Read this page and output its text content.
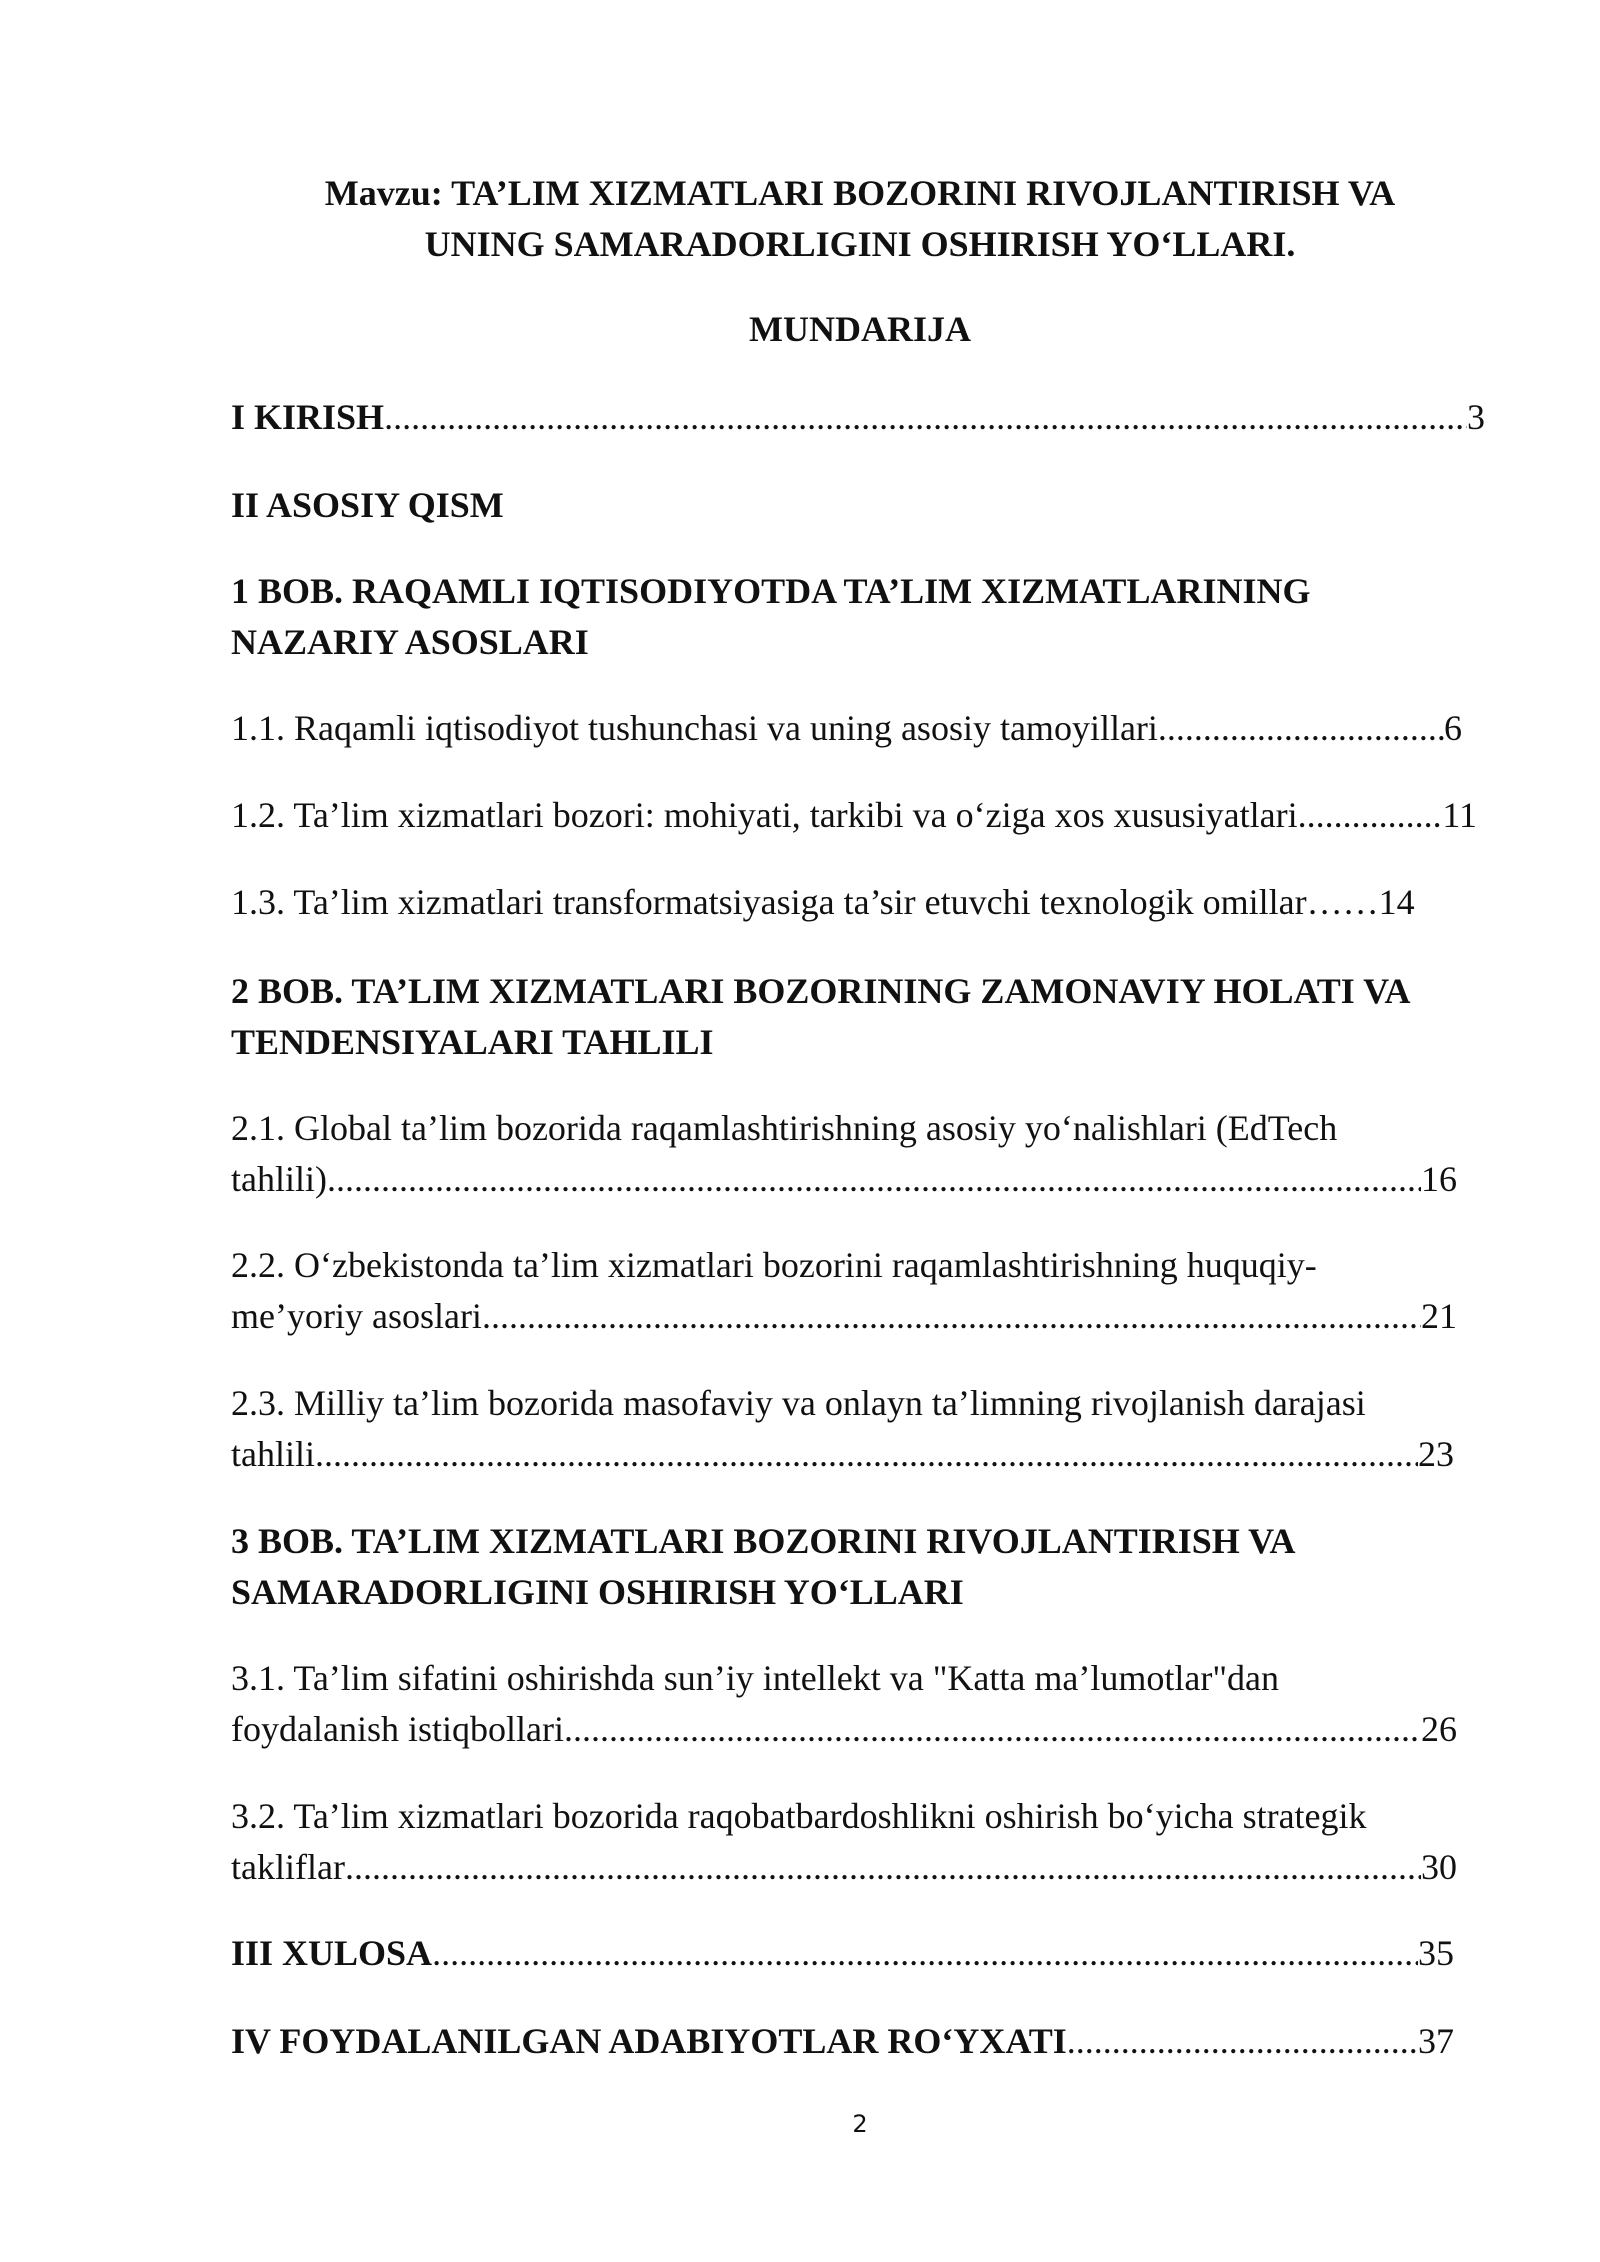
Mavzu: TA’LIM XIZMATLARI BOZORINI RIVOJLANTIRISH VA
UNING SAMARADORLIGINI OSHIRISH YO‘LLARI.
MUNDARIJA
I KIRISH .....	3
II ASOSIY QISM
1 BOB. RAQAMLI IQTISODIYOTDA TA’LIM XIZMATLARINING
NAZARIY ASOSLARI
1.1. Raqamli iqtisodiyot tushunchasi va uning asosiy tamoyillari .....	6
1.2. Ta’lim xizmatlari bozori: mohiyati, tarkibi va o‘ziga xos xususiyatlari .....	11
1.3. Ta’lim xizmatlari transformatsiyasiga ta’sir etuvchi texnologik omillar……14
2 BOB. TA’LIM XIZMATLARI BOZORINING ZAMONAVIY HOLATI VA
TENDENSIYALARI TAHLILI
2.1. Global ta’lim bozorida raqamlashtirishning asosiy yo‘nalishlari (EdTech
tahlili) .....	16
2.2. O‘zbekistonda ta’lim xizmatlari bozorini raqamlashtirishning huquqiy-
me’yoriy asoslari .....	21
2.3. Milliy ta’lim bozorida masofaviy va onlayn ta’limning rivojlanish darajasi
tahlili .....	23
3 BOB. TA’LIM XIZMATLARI BOZORINI RIVOJLANTIRISH VA
SAMARADORLIGINI OSHIRISH YO‘LLARI
3.1. Ta’lim sifatini oshirishda sun’iy intellekt va "Katta ma’lumotlar"dan
foydalanish istiqbollari .....	26
3.2. Ta’lim xizmatlari bozorida raqobatbardoshlikni oshirish bo‘yicha strategik
takliflar .....	30
III XULOSA .....	35
IV FOYDALANILGAN ADABIYOTLAR RO‘YXATI .....	37
2
